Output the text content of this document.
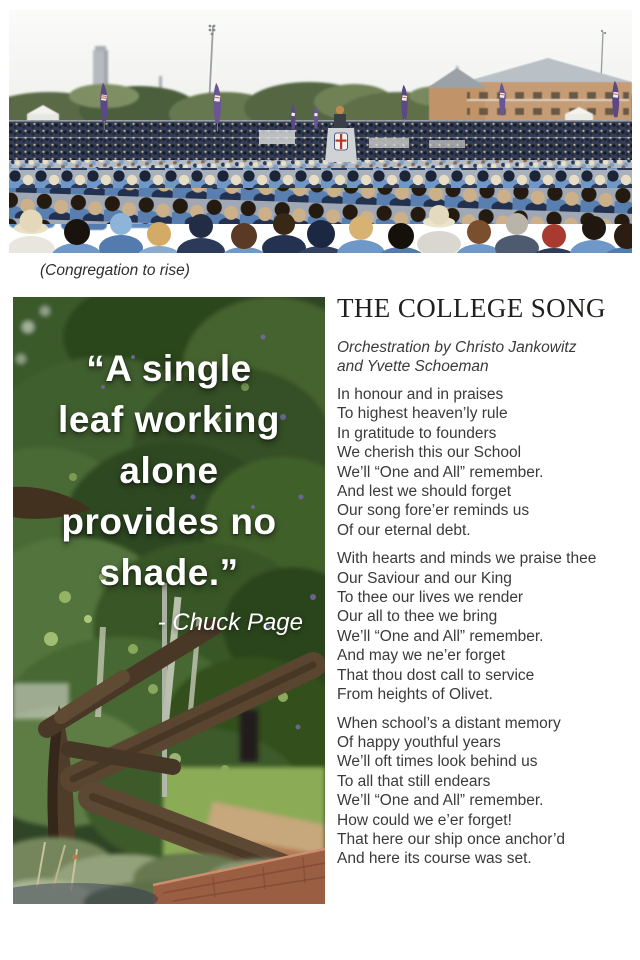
(Congregation to rise)
“A single
leaf working
alone
provides no
shade.”
- Chuck Page
THE COLLEGE SONG
Orchestration by Christo Jankowitz
and Yvette Schoeman
In honour and in praises
To highest heaven’ly rule
In gratitude to founders
We cherish this our School
We’ll “One and All” remember.
And lest we should forget
Our song fore’er reminds us
Of our eternal debt.
With hearts and minds we praise thee
Our Saviour and our King
To thee our lives we render
Our all to thee we bring
We’ll “One and All” remember.
And may we ne’er forget
That thou dost call to service
From heights of Olivet.
When school’s a distant memory
Of happy youthful years
We’ll oft times look behind us
To all that still endears
We’ll “One and All” remember.
How could we e’er forget!
That here our ship once anchor’d
And here its course was set.
